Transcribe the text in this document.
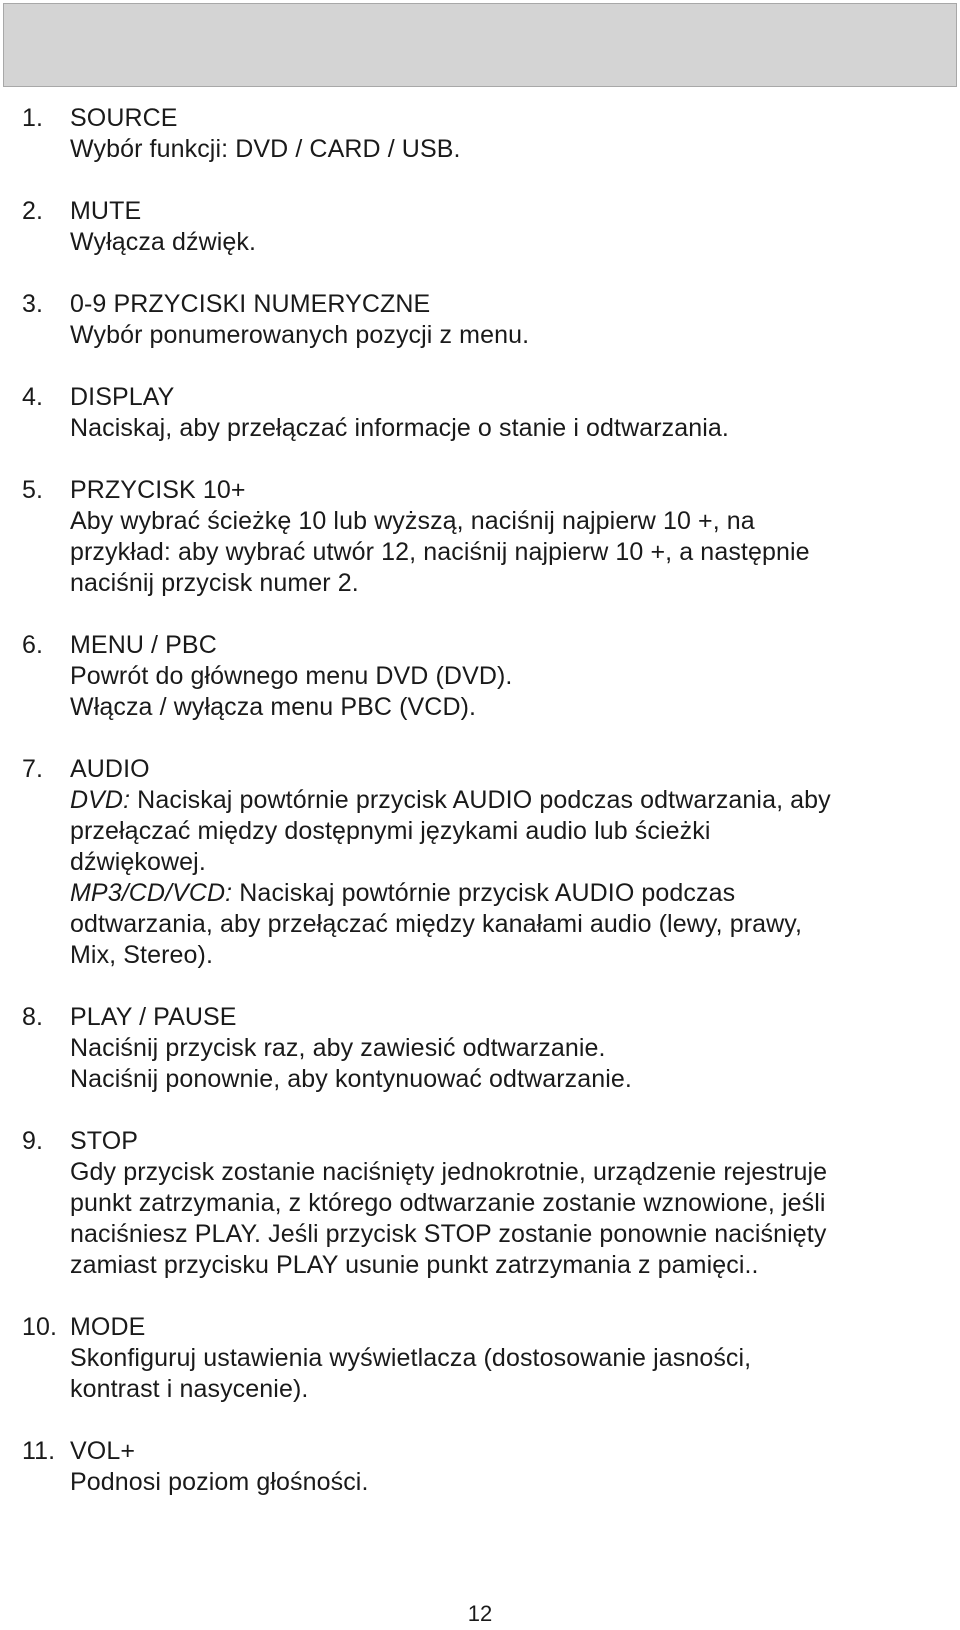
1. SOURCE
Wybór funkcji: DVD / CARD / USB.
2. MUTE
Wyłącza dźwięk.
3. 0-9 PRZYCISKI NUMERYCZNE
Wybór ponumerowanych pozycji z menu.
4. DISPLAY
Naciskaj, aby przełączać informacje o stanie i odtwarzania.
5. PRZYCISK 10+
Aby wybrać ścieżkę 10 lub wyższą, naciśnij najpierw 10 +, na
przykład: aby wybrać utwór 12, naciśnij najpierw 10 +, a następnie
naciśnij przycisk numer 2.
6. MENU / PBC
Powrót do głównego menu DVD (DVD).
Włącza / wyłącza menu PBC (VCD).
7. AUDIO
DVD: Naciskaj powtórnie przycisk AUDIO podczas odtwarzania, aby
przełączać między dostępnymi językami audio lub ścieżki
dźwiękowej.
MP3/CD/VCD: Naciskaj powtórnie przycisk AUDIO podczas
odtwarzania, aby przełączać między kanałami audio (lewy, prawy,
Mix, Stereo).
8. PLAY / PAUSE
Naciśnij przycisk raz, aby zawiesić odtwarzanie.
Naciśnij ponownie, aby kontynuować odtwarzanie.
9. STOP
Gdy przycisk zostanie naciśnięty jednokrotnie, urządzenie rejestruje
punkt zatrzymania, z którego odtwarzanie zostanie wznowione, jeśli
naciśniesz PLAY. Jeśli przycisk STOP zostanie ponownie naciśnięty
zamiast przycisku PLAY usunie punkt zatrzymania z pamięci..
10. MODE
Skonfiguruj ustawienia wyświetlacza (dostosowanie jasności,
kontrast i nasycenie).
11. VOL+
Podnosi poziom głośności.
12
